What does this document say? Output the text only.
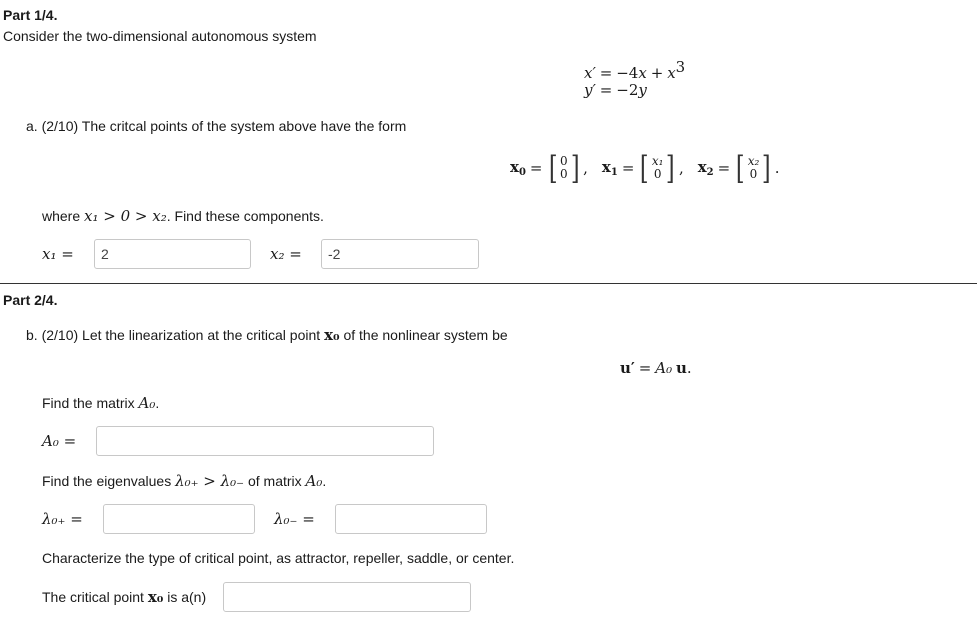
Part 1/4.
Consider the two-dimensional autonomous system
$x' = -4x + x^3$
y′ = −2y
a. (2/10) The critcal points of the system above have the form
$x_0$ = [ 0
0 ] , $x_1$ = [ x₁
0 ] , $x_2$ = [ x₂
0 ] .
where x₁ > 0 > x₂. Find these components.
x₁ =
2	x₂ =
-2
Part 2/4.
b. (2/10) Let the linearization at the critical point x₀ of the nonlinear system be
u′ = A₀ u.
Find the matrix A₀.
A₀ =
Find the eigenvalues λ₀₊ > λ₀₋ of matrix A₀.
λ₀₊ =	λ₀₋ =
Characterize the type of critical point, as attractor, repeller, saddle, or center.
The critical point x₀ is a(n)
